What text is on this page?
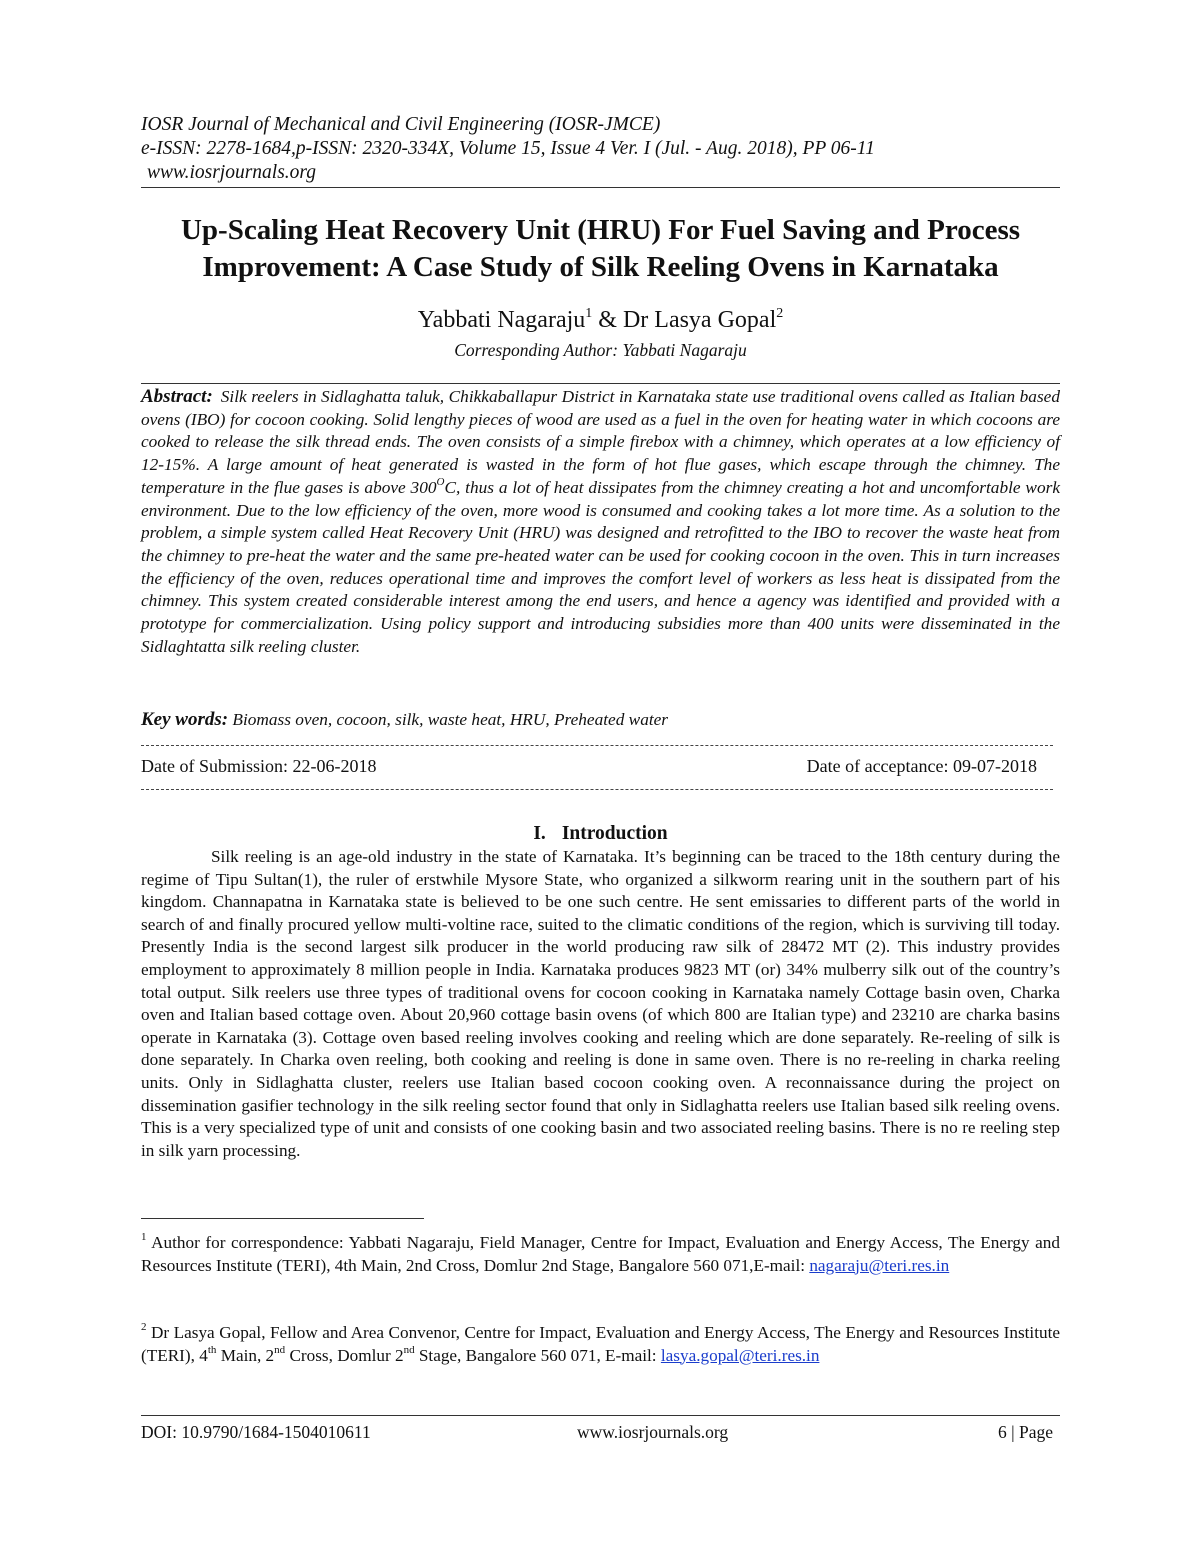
IOSR Journal of Mechanical and Civil Engineering (IOSR-JMCE)
e-ISSN: 2278-1684,p-ISSN: 2320-334X, Volume 15, Issue 4 Ver. I (Jul. - Aug. 2018), PP 06-11
www.iosrjournals.org
Up-Scaling Heat Recovery Unit (HRU) For Fuel Saving and Process
Improvement: A Case Study of Silk Reeling Ovens in Karnataka
Yabbati Nagaraju$^1$ & Dr Lasya Gopal$^2$
Corresponding Author: Yabbati Nagaraju
Abstract: Silk reelers in Sidlaghatta taluk, Chikkaballapur District in Karnataka state use traditional ovens called as Italian based ovens (IBO) for cocoon cooking. Solid lengthy pieces of wood are used as a fuel in the oven for heating water in which cocoons are cooked to release the silk thread ends. The oven consists of a simple firebox with a chimney, which operates at a low efficiency of 12-15%. A large amount of heat generated is wasted in the form of hot flue gases, which escape through the chimney. The temperature in the flue gases is above $300^OC$, thus a lot of heat dissipates from the chimney creating a hot and uncomfortable work environment. Due to the low efficiency of the oven, more wood is consumed and cooking takes a lot more time. As a solution to the problem, a simple system called Heat Recovery Unit (HRU) was designed and retrofitted to the IBO to recover the waste heat from the chimney to pre-heat the water and the same pre-heated water can be used for cooking cocoon in the oven. This in turn increases the efficiency of the oven, reduces operational time and improves the comfort level of workers as less heat is dissipated from the chimney. This system created considerable interest among the end users, and hence a agency was identified and provided with a prototype for commercialization. Using policy support and introducing subsidies more than 400 units were disseminated in the Sidlaghtatta silk reeling cluster.
Key words: Biomass oven, cocoon, silk, waste heat, HRU, Preheated water
Date of Submission: 22-06-2018	Date of acceptance: 09-07-2018
I. Introduction

Silk reeling is an age-old industry in the state of Karnataka. It’s beginning can be traced to the 18th century during the regime of Tipu Sultan(1), the ruler of erstwhile Mysore State, who organized a silkworm rearing unit in the southern part of his kingdom. Channapatna in Karnataka state is believed to be one such centre. He sent emissaries to different parts of the world in search of and finally procured yellow multi-voltine race, suited to the climatic conditions of the region, which is surviving till today. Presently India is the second largest silk producer in the world producing raw silk of 28472 MT (2). This industry provides employment to approximately 8 million people in India. Karnataka produces 9823 MT (or) 34% mulberry silk out of the country’s total output. Silk reelers use three types of traditional ovens for cocoon cooking in Karnataka namely Cottage basin oven, Charka oven and Italian based cottage oven. About 20,960 cottage basin ovens (of which 800 are Italian type) and 23210 are charka basins operate in Karnataka (3). Cottage oven based reeling involves cooking and reeling which are done separately. Re-reeling of silk is done separately. In Charka oven reeling, both cooking and reeling is done in same oven. There is no re-reeling in charka reeling units. Only in Sidlaghatta cluster, reelers use Italian based cocoon cooking oven. A reconnaissance during the project on dissemination gasifier technology in the silk reeling sector found that only in Sidlaghatta reelers use Italian based silk reeling ovens. This is a very specialized type of unit and consists of one cooking basin and two associated reeling basins. There is no re reeling step in silk yarn processing.

$^1$ Author for correspondence: Yabbati Nagaraju, Field Manager, Centre for Impact, Evaluation and Energy Access, The Energy and Resources Institute (TERI), 4th Main, 2nd Cross, Domlur 2nd Stage, Bangalore 560 071,E-mail: nagaraju@teri.res.in

$^2$ Dr Lasya Gopal, Fellow and Area Convenor, Centre for Impact, Evaluation and Energy Access, The Energy and Resources Institute (TERI), 4th Main, 2nd Cross, Domlur 2nd Stage, Bangalore 560 071, E-mail: lasya.gopal@teri.res.in

DOI: 10.9790/1684-1504010611	www.iosrjournals.org	6 | Page
